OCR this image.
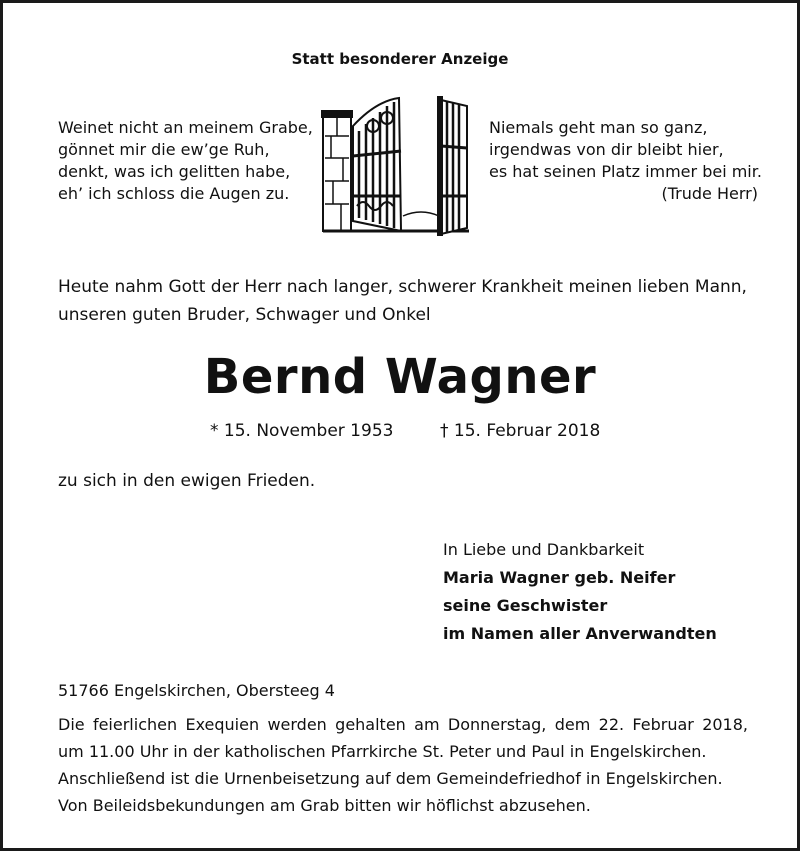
Statt besonderer Anzeige
Weinet nicht an meinem Grabe,
gönnet mir die ew’ge Ruh,
denkt, was ich gelitten habe,
eh’ ich schloss die Augen zu.
Niemals geht man so ganz,
irgendwas von dir bleibt hier,
es hat seinen Platz immer bei mir.
(Trude Herr)
Heute nahm Gott der Herr nach langer, schwerer Krankheit meinen lieben Mann,
unseren guten Bruder, Schwager und Onkel
Bernd Wagner
* 15. November 1953	† 15. Februar 2018
zu sich in den ewigen Frieden.
In Liebe und Dankbarkeit
Maria Wagner geb. Neifer
seine Geschwister
im Namen aller Anverwandten
51766 Engelskirchen, Obersteeg 4
Die feierlichen Exequien werden gehalten am Donnerstag, dem 22. Februar 2018,
um 11.00 Uhr in der katholischen Pfarrkirche St. Peter und Paul in Engelskirchen.
Anschließend ist die Urnenbeisetzung auf dem Gemeindefriedhof in Engelskirchen.
Von Beileidsbekundungen am Grab bitten wir höflichst abzusehen.
